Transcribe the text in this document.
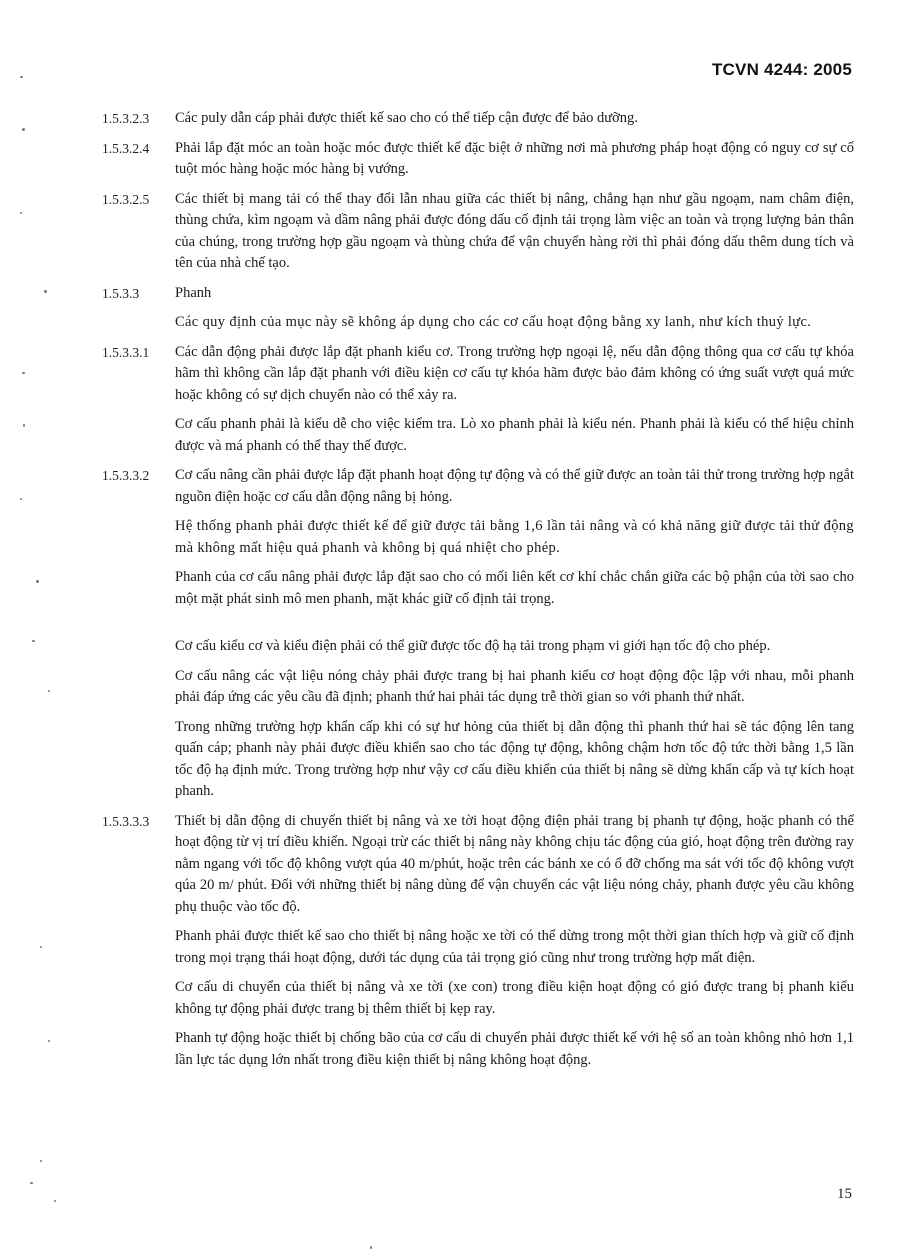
TCVN 4244: 2005
1.5.3.2.3 Các puly dẫn cáp phải được thiết kế sao cho có thể tiếp cận được để bảo dưỡng.

1.5.3.2.4 Phải lắp đặt móc an toàn hoặc móc được thiết kế đặc biệt ở những nơi mà phương pháp hoạt động có nguy cơ sự cố tuột móc hàng hoặc móc hàng bị vướng.

1.5.3.2.5 Các thiết bị mang tải có thể thay đổi lẫn nhau giữa các thiết bị nâng, chẳng hạn như gầu ngoạm, nam châm điện, thùng chứa, kìm ngoạm và dầm nâng phải được đóng dấu cố định tải trọng làm việc an toàn và trọng lượng bản thân của chúng, trong trường hợp gầu ngoạm và thùng chứa để vận chuyển hàng rời thì phải đóng dấu thêm dung tích và tên của nhà chế tạo.

1.5.3.3 Phanh

Các quy định của mục này sẽ không áp dụng cho các cơ cấu hoạt động bằng xy lanh, như kích thuỷ lực.

1.5.3.3.1 Các dẫn động phải được lắp đặt phanh kiểu cơ. Trong trường hợp ngoại lệ, nếu dẫn động thông qua cơ cấu tự khóa hãm thì không cần lắp đặt phanh với điều kiện cơ cấu tự khóa hãm được bảo đảm không có ứng suất vượt quá mức hoặc không có sự dịch chuyển nào có thể xảy ra.

Cơ cấu phanh phải là kiểu dễ cho việc kiểm tra. Lò xo phanh phải là kiểu nén. Phanh phải là kiểu có thể hiệu chỉnh được và má phanh có thể thay thế được.

1.5.3.3.2 Cơ cấu nâng cần phải được lắp đặt phanh hoạt động tự động và có thể giữ được an toàn tải thử trong trường hợp ngắt nguồn điện hoặc cơ cấu dẫn động nâng bị hỏng.

Hệ thống phanh phải được thiết kế để giữ được tải bằng 1,6 lần tải nâng và có khả năng giữ được tải thử động mà không mất hiệu quả phanh và không bị quá nhiệt cho phép.

Phanh của cơ cấu nâng phải được lắp đặt sao cho có mối liên kết cơ khí chắc chắn giữa các bộ phận của tời sao cho một mặt phát sinh mô men phanh, mặt khác giữ cố định tải trọng.

Cơ cấu kiểu cơ và kiểu điện phải có thể giữ được tốc độ hạ tải trong phạm vi giới hạn tốc độ cho phép.

Cơ cấu nâng các vật liệu nóng chảy phải được trang bị hai phanh kiểu cơ hoạt động độc lập với nhau, mỗi phanh phải đáp ứng các yêu cầu đã định; phanh thứ hai phải tác dụng trễ thời gian so với phanh thứ nhất.

Trong những trường hợp khẩn cấp khi có sự hư hỏng của thiết bị dẫn động thì phanh thứ hai sẽ tác động lên tang quấn cáp; phanh này phải được điều khiển sao cho tác động tự động, không chậm hơn tốc độ tức thời bằng 1,5 lần tốc độ hạ định mức. Trong trường hợp như vậy cơ cấu điều khiển của thiết bị nâng sẽ dừng khẩn cấp và tự kích hoạt phanh.

1.5.3.3.3 Thiết bị dẫn động di chuyển thiết bị nâng và xe tời hoạt động điện phải trang bị phanh tự động, hoặc phanh có thể hoạt động từ vị trí điều khiển. Ngoại trừ các thiết bị nâng này không chịu tác động của gió, hoạt động trên đường ray nằm ngang với tốc độ không vượt qúa 40 m/phút, hoặc trên các bánh xe có ổ đỡ chống ma sát với tốc độ không vượt qúa 20 m/ phút. Đối với những thiết bị nâng dùng để vận chuyển các vật liệu nóng chảy, phanh được yêu cầu không phụ thuộc vào tốc độ.

Phanh phải được thiết kế sao cho thiết bị nâng hoặc xe tời có thể dừng trong một thời gian thích hợp và giữ cố định trong mọi trạng thái hoạt động, dưới tác dụng của tải trọng gió cũng như trong trường hợp mất điện.

Cơ cấu di chuyển của thiết bị nâng và xe tời (xe con) trong điều kiện hoạt động có gió được trang bị phanh kiểu không tự động phải được trang bị thêm thiết bị kẹp ray.

Phanh tự động hoặc thiết bị chống bão của cơ cấu di chuyển phải được thiết kế với hệ số an toàn không nhỏ hơn 1,1 lần lực tác dụng lớn nhất trong điều kiện thiết bị nâng không hoạt động.

15
